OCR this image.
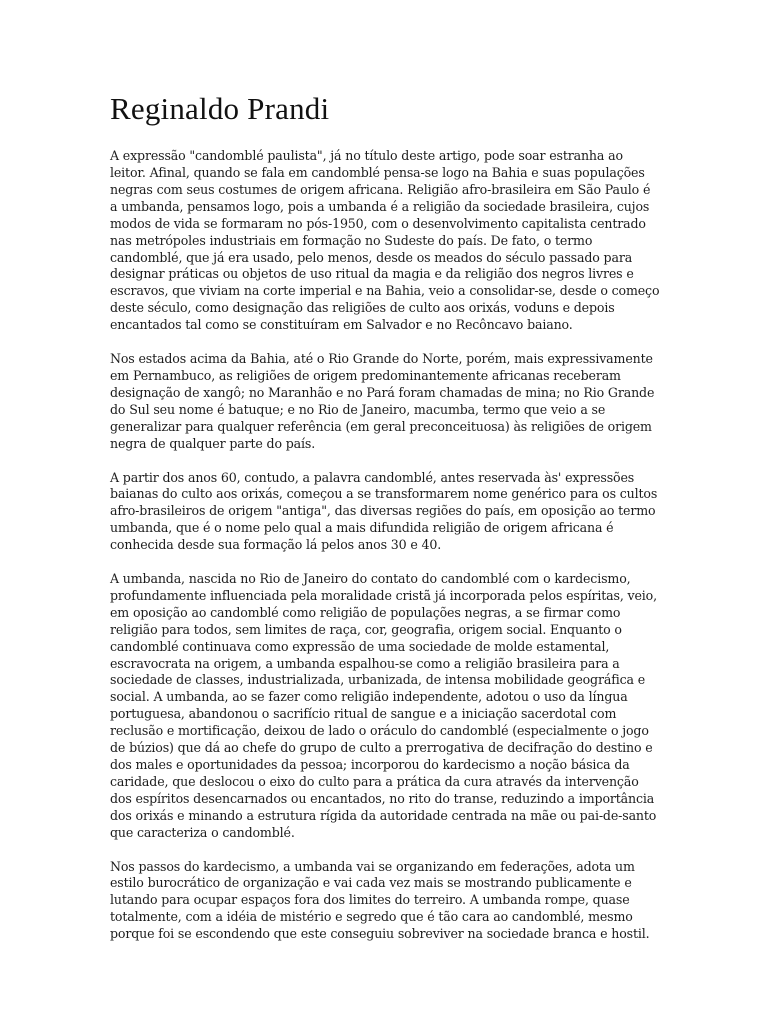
Reginaldo Prandi

A expressão "candomblé paulista", já no título deste artigo, pode soar estranha ao leitor. Afinal, quando se fala em candomblé pensa-se logo na Bahia e suas populações negras com seus costumes de origem africana. Religião afro-brasileira em São Paulo é a umbanda, pensamos logo, pois a umbanda é a religião da sociedade brasileira, cujos modos de vida se formaram no pós-1950, com o desenvolvimento capitalista centrado nas metrópoles industriais em formação no Sudeste do país. De fato, o termo candomblé, que já era usado, pelo menos, desde os meados do século passado para designar práticas ou objetos de uso ritual da magia e da religião dos negros livres e escravos, que viviam na corte imperial e na Bahia, veio a consolidar-se, desde o começo deste século, como designação das religiões de culto aos orixás, voduns e depois encantados tal como se constituíram em Salvador e no Recôncavo baiano.

Nos estados acima da Bahia, até o Rio Grande do Norte, porém, mais expressivamente em Pernambuco, as religiões de origem predominantemente africanas receberam designação de xangô; no Maranhão e no Pará foram chamadas de mina; no Rio Grande do Sul seu nome é batuque; e no Rio de Janeiro, macumba, termo que veio a se generalizar para qualquer referência (em geral preconceituosa) às religiões de origem negra de qualquer parte do país.

A partir dos anos 60, contudo, a palavra candomblé, antes reservada às' expressões baianas do culto aos orixás, começou a se transformarem nome genérico para os cultos afro-brasileiros de origem "antiga", das diversas regiões do país, em oposição ao termo umbanda, que é o nome pelo qual a mais difundida religião de origem africana é conhecida desde sua formação lá pelos anos 30 e 40.

A umbanda, nascida no Rio de Janeiro do contato do candomblé com o kardecismo, profundamente influenciada pela moralidade cristã já incorporada pelos espíritas, veio, em oposição ao candomblé como religião de populações negras, a se firmar como religião para todos, sem limites de raça, cor, geografia, origem social. Enquanto o candomblé continuava como expressão de uma sociedade de molde estamental, escravocrata na origem, a umbanda espalhou-se como a religião brasileira para a sociedade de classes, industrializada, urbanizada, de intensa mobilidade geográfica e social. A umbanda, ao se fazer como religião independente, adotou o uso da língua portuguesa, abandonou o sacrifício ritual de sangue e a iniciação sacerdotal com reclusão e mortificação, deixou de lado o oráculo do candomblé (especialmente o jogo de búzios) que dá ao chefe do grupo de culto a prerrogativa de decifração do destino e dos males e oportunidades da pessoa; incorporou do kardecismo a noção básica da caridade, que deslocou o eixo do culto para a prática da cura através da intervenção dos espíritos desencarnados ou encantados, no rito do transe, reduzindo a importância dos orixás e minando a estrutura rígida da autoridade centrada na mãe ou pai-de-santo que caracteriza o candomblé.

Nos passos do kardecismo, a umbanda vai se organizando em federações, adota um estilo burocrático de organização e vai cada vez mais se mostrando publicamente e lutando para ocupar espaços fora dos limites do terreiro. A umbanda rompe, quase totalmente, com a idéia de mistério e segredo que é tão cara ao candomblé, mesmo porque foi se escondendo que este conseguiu sobreviver na sociedade branca e hostil.
